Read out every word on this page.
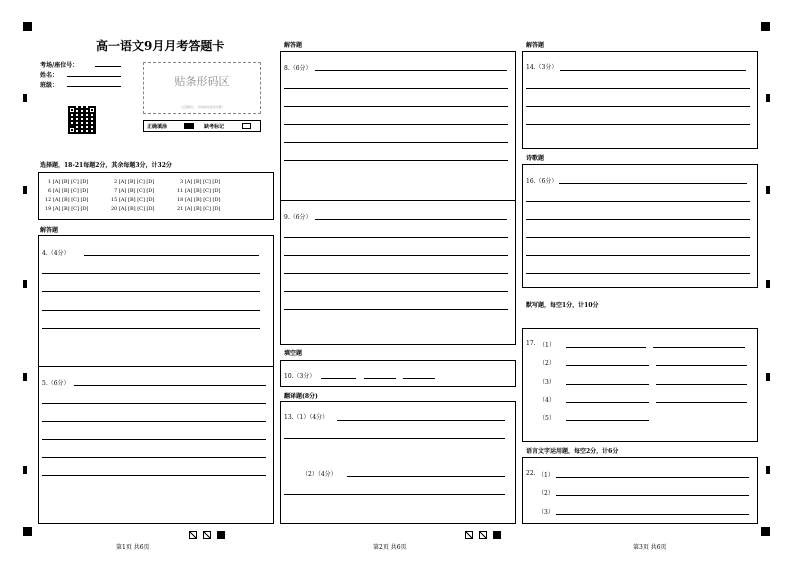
高一语文9月月考答题卡
考场/座位号：
姓名：
班级：	贴条形码区
（正面朝上，切勿贴出虚线方框）
正确填涂	缺考标记
选择题，18-21每题2分，其余每题3分，计32分
1 [A] [B] [C] [D]	2 [A] [B] [C] [D]	3 [A] [B] [C] [D]
6 [A] [B] [C] [D]	7 [A] [B] [C] [D]	11 [A] [B] [C] [D]
12 [A] [B] [C] [D]	15 [A] [B] [C] [D]	18 [A] [B] [C] [D]
19 [A] [B] [C] [D]	20 [A] [B] [C] [D]	21 [A] [B] [C] [D]
解答题
4.（4分）
5.（6分）
第1页 共6页
解答题
8.（6分）
9.（6分）
填空题
10.（3分）
翻译题(8分)
13.（1）（4分）
（2）（4分）
第2页 共6页
解答题
14.（3分）
诗歌题
16.（6分）
默写题，每空1分，计10分
17. （1）
（2）
（3）
（4）
（5）
语言文字运用题，每空2分，计6分
22. （1）
（2）
（3）
第3页 共6页
